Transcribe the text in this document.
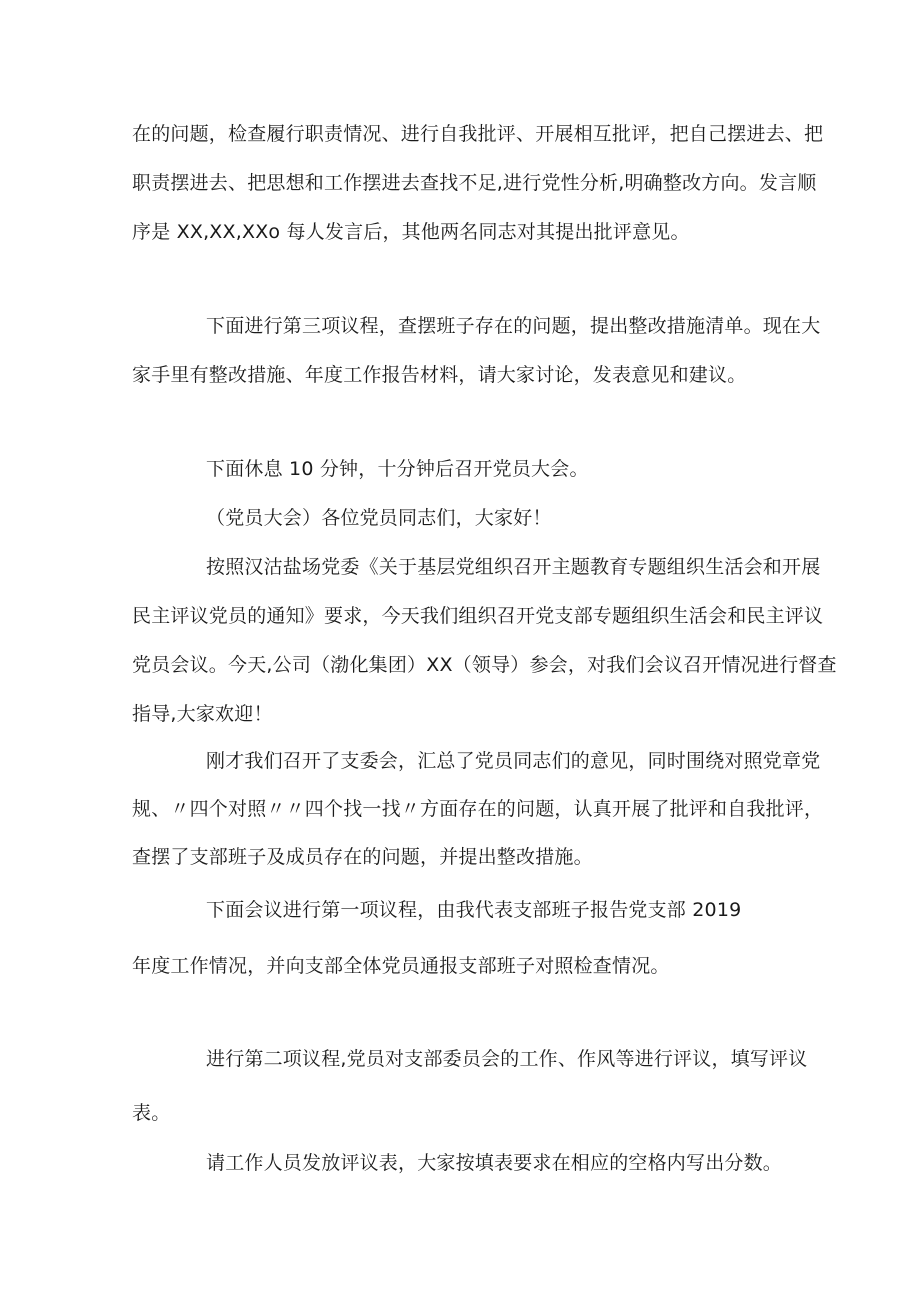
在的问题，检查履行职责情况、进行自我批评、开展相互批评，把自己摆进去、把
职责摆进去、把思想和工作摆进去查找不足,进行党性分析,明确整改方向。发言顺
序是 XX,XX,XXo 每人发言后，其他两名同志对其提出批评意见。
下面进行第三项议程，查摆班子存在的问题，提出整改措施清单。现在大
家手里有整改措施、年度工作报告材料，请大家讨论，发表意见和建议。
下面休息 10 分钟，十分钟后召开党员大会。
（党员大会）各位党员同志们，大家好！
按照汉沽盐场党委《关于基层党组织召开主题教育专题组织生活会和开展
民主评议党员的通知》要求，今天我们组织召开党支部专题组织生活会和民主评议
党员会议。今天,公司（渤化集团）XX（领导）参会，对我们会议召开情况进行督查
指导,大家欢迎！
刚才我们召开了支委会，汇总了党员同志们的意见，同时围绕对照党章党
规、〃四个对照〃〃四个找一找〃方面存在的问题，认真开展了批评和自我批评，
查摆了支部班子及成员存在的问题，并提出整改措施。
下面会议进行第一项议程，由我代表支部班子报告党支部 2019
年度工作情况，并向支部全体党员通报支部班子对照检查情况。
进行第二项议程,党员对支部委员会的工作、作风等进行评议，填写评议
表。
请工作人员发放评议表，大家按填表要求在相应的空格内写出分数。
